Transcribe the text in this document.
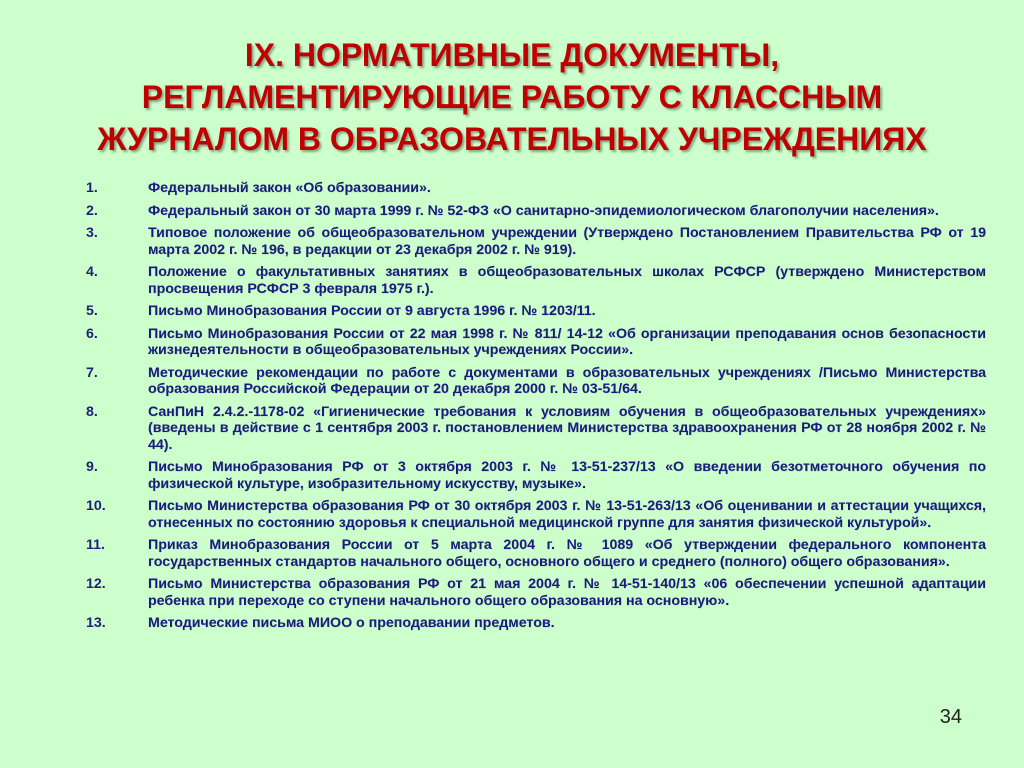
IX. НОРМАТИВНЫЕ ДОКУМЕНТЫ,
РЕГЛАМЕНТИРУЮЩИЕ РАБОТУ С КЛАССНЫМ
ЖУРНАЛОМ В ОБРАЗОВАТЕЛЬНЫХ УЧРЕЖДЕНИЯХ
1.	Федеральный закон «Об образовании».
2.	Федеральный закон от 30 марта 1999 г. № 52-ФЗ «О санитарно-эпидемиологическом благополучии населения».
3.	Типовое положение об общеобразовательном учреждении (Утверждено Постановлением Правительства РФ от 19 марта 2002 г. № 196, в редакции от 23 декабря 2002 г. № 919).
4.	Положение о факультативных занятиях в общеобразовательных школах РСФСР (утверждено Министерством просвещения РСФСР 3 февраля 1975 г.).
5.	Письмо Минобразования России от 9 августа 1996 г. № 1203/11.
6.	Письмо Минобразования России от 22 мая 1998 г. № 811/ 14-12 «Об организации преподавания основ безопасности жизнедеятельности в общеобразовательных учреждениях России».
7.	Методические рекомендации по работе с документами в образовательных учреждениях /Письмо Министерства образования Российской Федерации от 20 декабря 2000 г. № 03-51/64.
8.	СанПиН 2.4.2.-1178-02 «Гигиенические требования к условиям обучения в общеобразовательных учреждениях» (введены в действие с 1 сентября 2003 г. постановлением Министерства здравоохранения РФ от 28 ноября 2002 г. № 44).
9.	Письмо Минобразования РФ от 3 октября 2003 г. № 13-51-237/13 «О введении безотметочного обучения по физической культуре, изобразительному искусству, музыке».
10.	Письмо Министерства образования РФ от 30 октября 2003 г. № 13-51-263/13 «Об оценивании и аттестации учащихся, отнесенных по состоянию здоровья к специальной медицинской группе для занятия физической культурой».
11.	Приказ Минобразования России от 5 марта 2004 г. № 1089 «Об утверждении федерального компонента государственных стандартов начального общего, основного общего и среднего (полного) общего образования».
12.	Письмо Министерства образования РФ от 21 мая 2004 г. № 14-51-140/13 «06 обеспечении успешной адаптации ребенка при переходе со ступени начального общего образования на основную».
13.	Методические письма МИОО о преподавании предметов.
34
